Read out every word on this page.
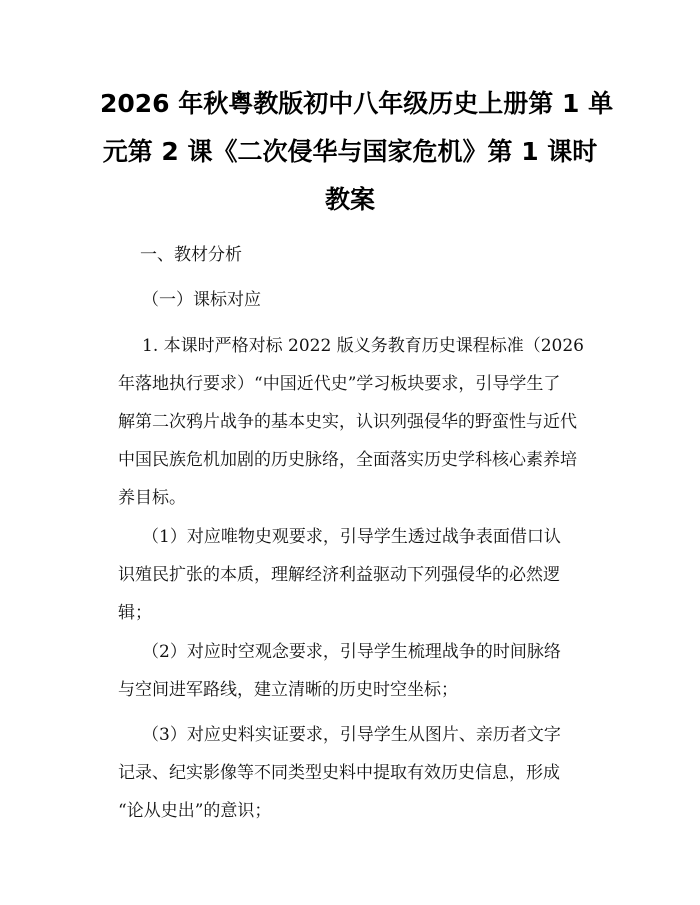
2026 年秋粤教版初中八年级历史上册第 1 单
元第 2 课《二次侵华与国家危机》第 1 课时
教案
一、教材分析
（一）课标对应
1. 本课时严格对标 2022 版义务教育历史课程标准（2026
年落地执行要求）“中国近代史”学习板块要求，引导学生了
解第二次鸦片战争的基本史实，认识列强侵华的野蛮性与近代
中国民族危机加剧的历史脉络，全面落实历史学科核心素养培
养目标。
（1）对应唯物史观要求，引导学生透过战争表面借口认
识殖民扩张的本质，理解经济利益驱动下列强侵华的必然逻
辑；
（2）对应时空观念要求，引导学生梳理战争的时间脉络
与空间进军路线，建立清晰的历史时空坐标；
（3）对应史料实证要求，引导学生从图片、亲历者文字
记录、纪实影像等不同类型史料中提取有效历史信息，形成
“论从史出”的意识；
